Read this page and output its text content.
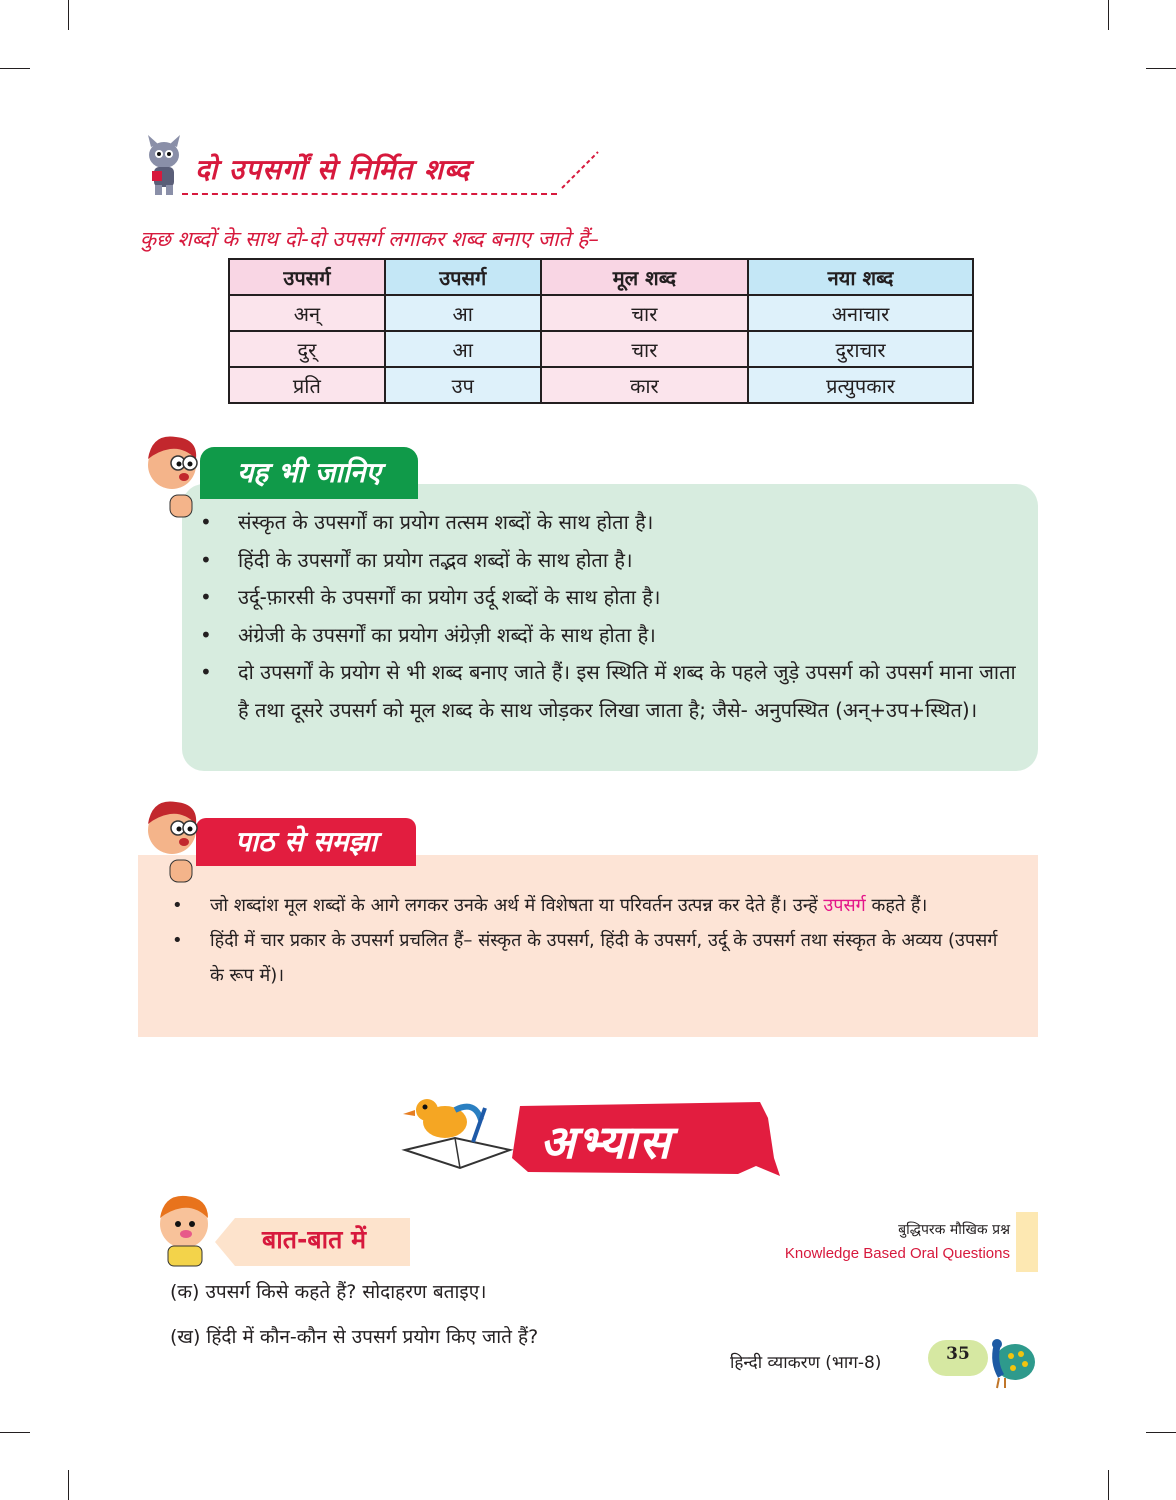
दो उपसर्गों से निर्मित शब्द
कुछ शब्दों के साथ दो-दो उपसर्ग लगाकर शब्द बनाए जाते हैं–
उपसर्ग	उपसर्ग	मूल शब्द	नया शब्द
अन्	आ	चार	अनाचार
दुर्	आ	चार	दुराचार
प्रति	उप	कार	प्रत्युपकार
यह भी जानिए
• संस्कृत के उपसर्गों का प्रयोग तत्सम शब्दों के साथ होता है।
• हिंदी के उपसर्गों का प्रयोग तद्भव शब्दों के साथ होता है।
• उर्दू-फ़ारसी के उपसर्गों का प्रयोग उर्दू शब्दों के साथ होता है।
• अंग्रेजी के उपसर्गों का प्रयोग अंग्रेज़ी शब्दों के साथ होता है।
• दो उपसर्गों के प्रयोग से भी शब्द बनाए जाते हैं। इस स्थिति में शब्द के पहले जुड़े उपसर्ग को उपसर्ग माना जाता है तथा दूसरे उपसर्ग को मूल शब्द के साथ जोड़कर लिखा जाता है; जैसे- अनुपस्थित (अन्+उप+स्थित)।
पाठ से समझा
• जो शब्दांश मूल शब्दों के आगे लगकर उनके अर्थ में विशेषता या परिवर्तन उत्पन्न कर देते हैं। उन्हें उपसर्ग कहते हैं।
• हिंदी में चार प्रकार के उपसर्ग प्रचलित हैं– संस्कृत के उपसर्ग, हिंदी के उपसर्ग, उर्दू के उपसर्ग तथा संस्कृत के अव्यय (उपसर्ग के रूप में)।
अभ्यास
बात-बात में	बुद्धिपरक मौखिक प्रश्न
Knowledge Based Oral Questions
(क) उपसर्ग किसे कहते हैं? सोदाहरण बताइए।
(ख) हिंदी में कौन-कौन से उपसर्ग प्रयोग किए जाते हैं?
हिन्दी व्याकरण (भाग-8)	35
